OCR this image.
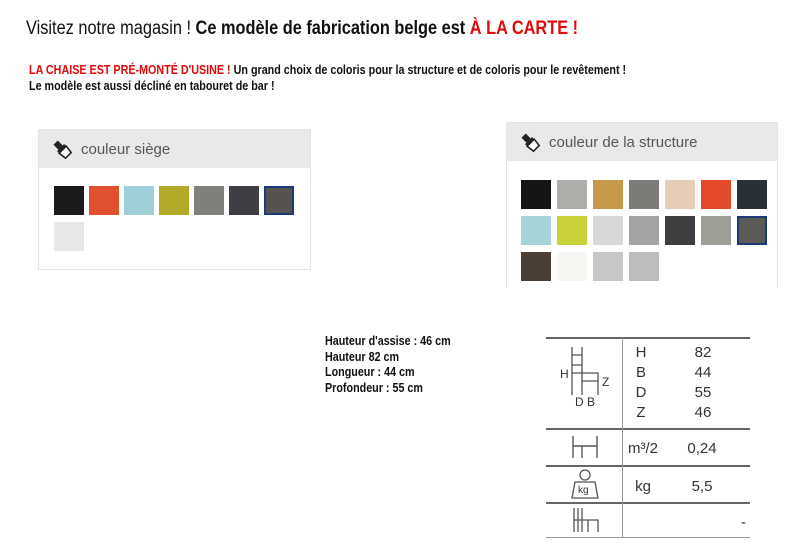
Visitez notre magasin ! Ce modèle de fabrication belge est À LA CARTE !
LA CHAISE EST PRÉ-MONTÉ D'USINE ! Un grand choix de coloris pour la structure et de coloris pour le revêtement !
Le modèle est aussi décliné en tabouret de bar !
couleur siège	couleur de la structure
Hauteur d'assise : 46 cm
Hauteur 82 cm
Longueur : 44 cm
Profondeur : 55 cm
H
Z
D B
H	82
B	44
D	55
Z	46
m³/2	0,24
kg	kg	5,5
-
